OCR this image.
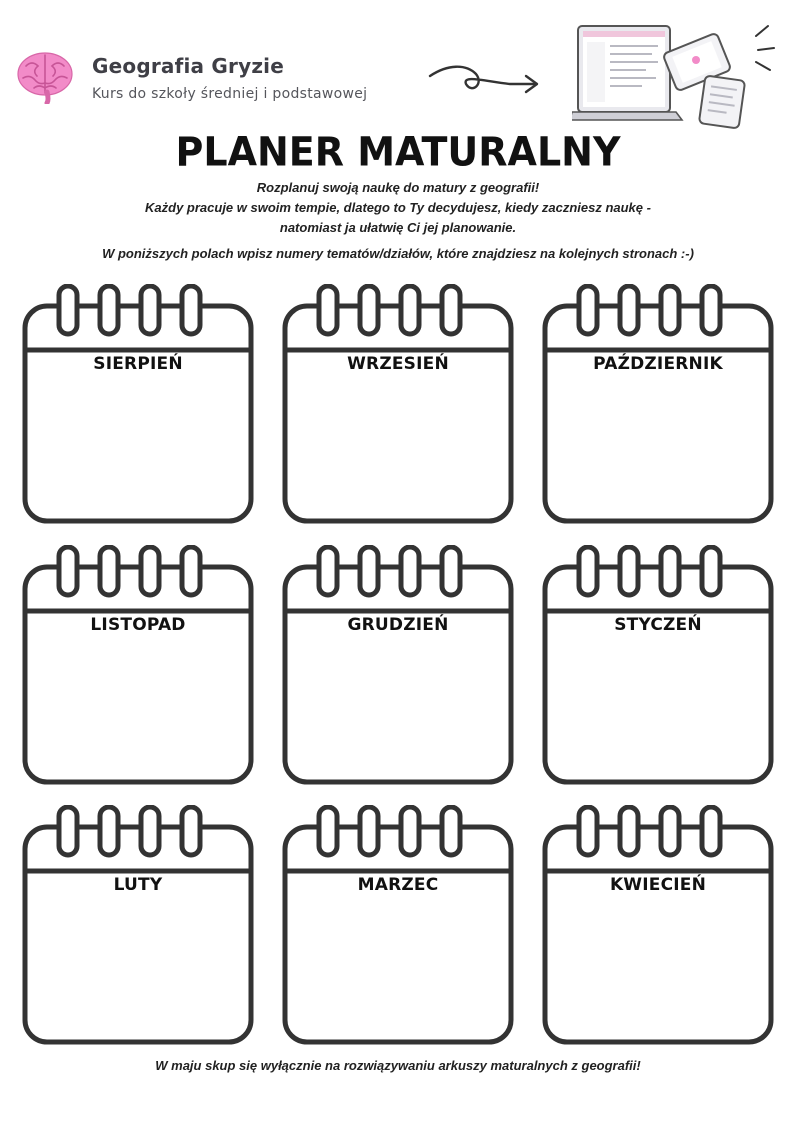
Geografia Gryzie
Kurs do szkoły średniej i podstawowej
PLANER MATURALNY
Rozplanuj swoją naukę do matury z geografii!
Każdy pracuje w swoim tempie, dlatego to Ty decydujesz, kiedy zaczniesz naukę -
natomiast ja ułatwię Ci jej planowanie.
W poniższych polach wpisz numery tematów/działów, które znajdziesz na kolejnych stronach :-)
SIERPIEŃ	WRZESIEŃ	PAŹDZIERNIK
LISTOPAD	GRUDZIEŃ	STYCZEŃ
LUTY	MARZEC	KWIECIEŃ
W maju skup się wyłącznie na rozwiązywaniu arkuszy maturalnych z geografii!
